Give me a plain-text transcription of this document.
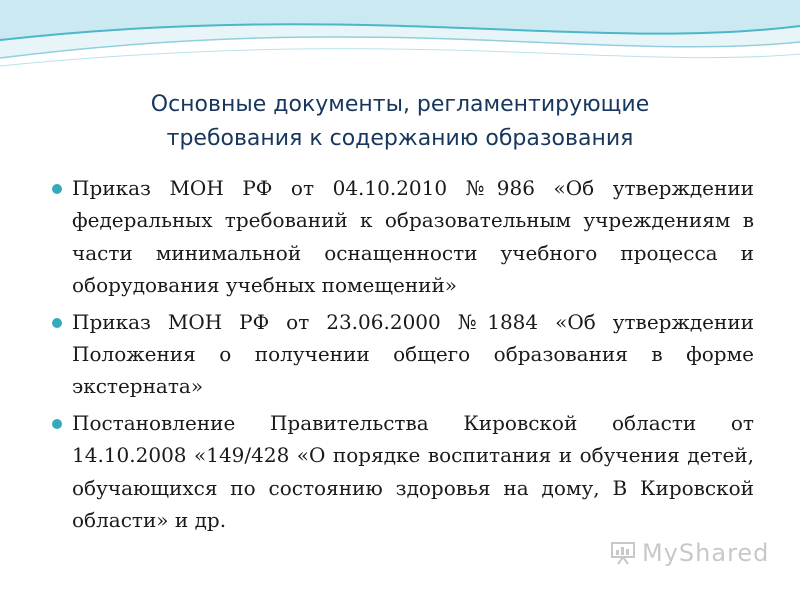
Основные документы, регламентирующие
требования к содержанию образования
Приказ МОН РФ от 04.10.2010 №986 «Об утверждении федеральных требований к образовательным учреждениям в части минимальной оснащенности учебного процесса и оборудования учебных помещений»
Приказ МОН РФ от 23.06.2000 №1884 «Об утверждении Положения о получении общего образования в форме экстерната»
Постановление Правительства Кировской области от 14.10.2008 «149/428 «О порядке воспитания и обучения детей, обучающихся по состоянию здоровья на дому, В Кировской области» и др.
MyShared
